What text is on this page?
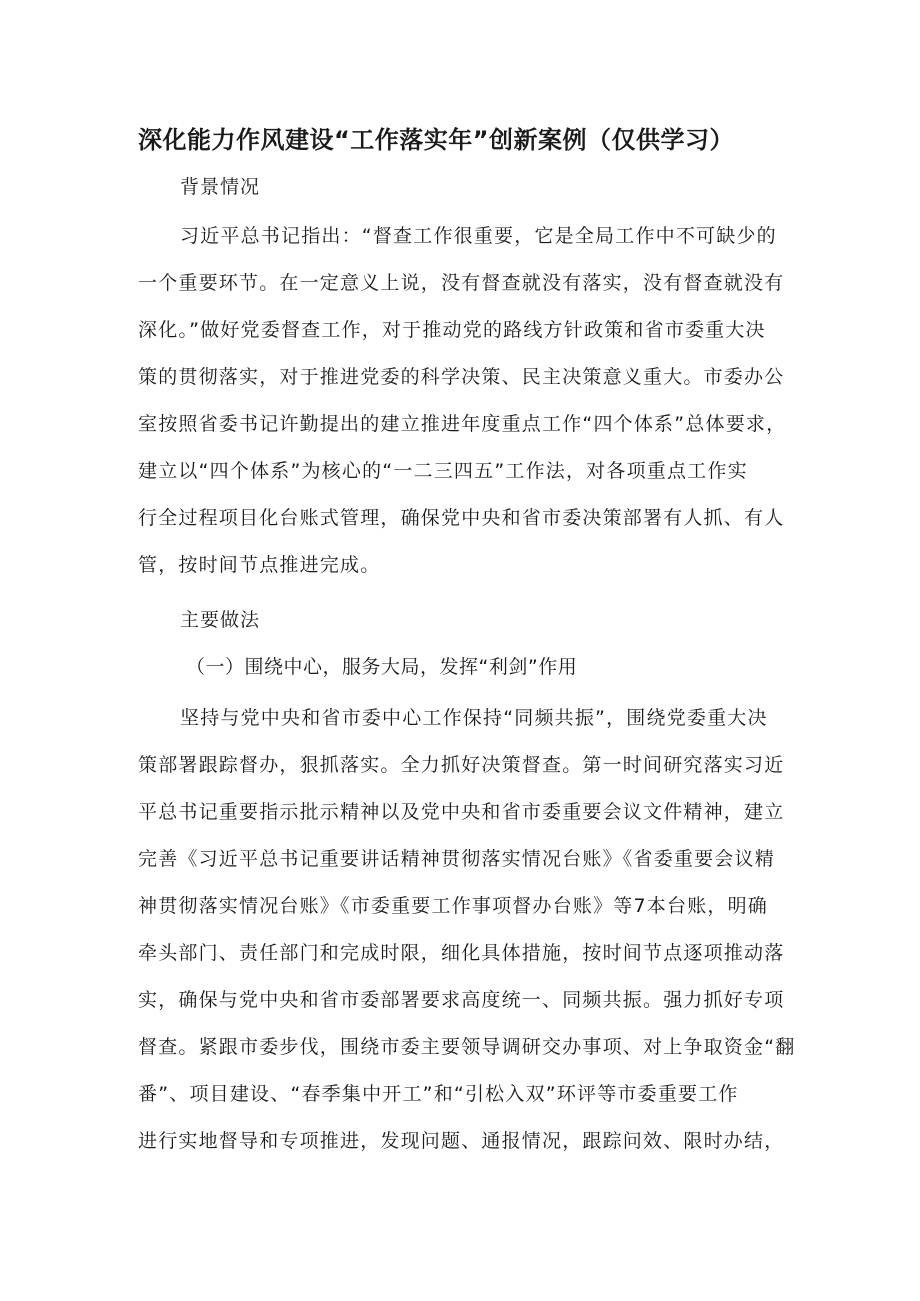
深化能力作风建设“工作落实年”创新案例（仅供学习）
背景情况
习近平总书记指出：“督查工作很重要，它是全局工作中不可缺少的
一个重要环节。在一定意义上说，没有督查就没有落实，没有督查就没有
深化。”做好党委督查工作，对于推动党的路线方针政策和省市委重大决
策的贯彻落实，对于推进党委的科学决策、民主决策意义重大。市委办公
室按照省委书记许勤提出的建立推进年度重点工作“四个体系”总体要求，
建立以“四个体系”为核心的“一二三四五”工作法，对各项重点工作实
行全过程项目化台账式管理，确保党中央和省市委决策部署有人抓、有人
管，按时间节点推进完成。
主要做法
（一）围绕中心，服务大局，发挥“利剑”作用
坚持与党中央和省市委中心工作保持“同频共振”，围绕党委重大决
策部署跟踪督办，狠抓落实。全力抓好决策督查。第一时间研究落实习近
平总书记重要指示批示精神以及党中央和省市委重要会议文件精神，建立
完善《习近平总书记重要讲话精神贯彻落实情况台账》《省委重要会议精
神贯彻落实情况台账》《市委重要工作事项督办台账》等7本台账，明确
牵头部门、责任部门和完成时限，细化具体措施，按时间节点逐项推动落
实，确保与党中央和省市委部署要求高度统一、同频共振。强力抓好专项
督查。紧跟市委步伐，围绕市委主要领导调研交办事项、对上争取资金“翻
番”、项目建设、“春季集中开工”和“引松入双”环评等市委重要工作
进行实地督导和专项推进，发现问题、通报情况，跟踪问效、限时办结，
